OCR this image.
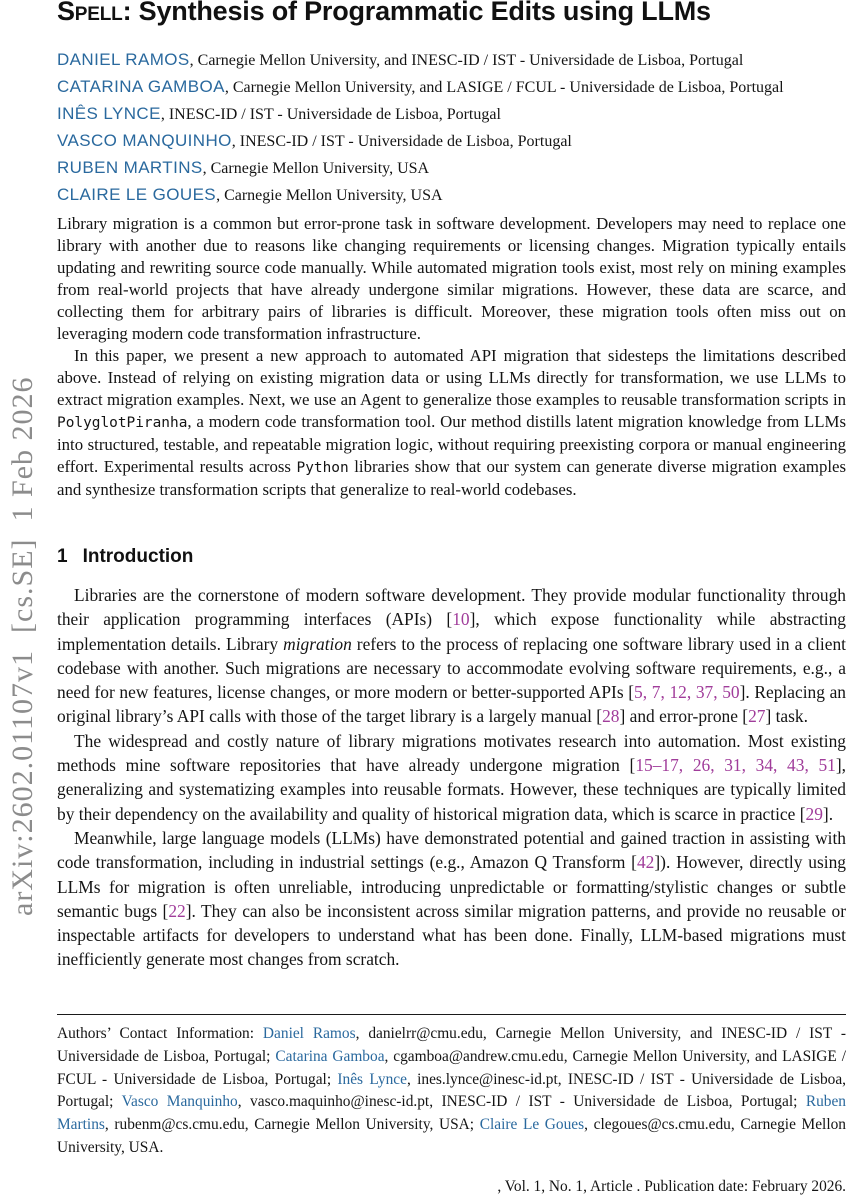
arXiv:2602.01107v1  [cs.SE]  1 Feb 2026
Spell: Synthesis of Programmatic Edits using LLMs
DANIEL RAMOS, Carnegie Mellon University, and INESC-ID / IST - Universidade de Lisboa, Portugal
CATARINA GAMBOA, Carnegie Mellon University, and LASIGE / FCUL - Universidade de Lisboa, Portugal
INÊS LYNCE, INESC-ID / IST - Universidade de Lisboa, Portugal
VASCO MANQUINHO, INESC-ID / IST - Universidade de Lisboa, Portugal
RUBEN MARTINS, Carnegie Mellon University, USA
CLAIRE LE GOUES, Carnegie Mellon University, USA

Library migration is a common but error-prone task in software development. Developers may need to replace one library with another due to reasons like changing requirements or licensing changes. Migration typically entails updating and rewriting source code manually. While automated migration tools exist, most rely on mining examples from real-world projects that have already undergone similar migrations. However, these data are scarce, and collecting them for arbitrary pairs of libraries is difficult. Moreover, these migration tools often miss out on leveraging modern code transformation infrastructure.

In this paper, we present a new approach to automated API migration that sidesteps the limitations described above. Instead of relying on existing migration data or using LLMs directly for transformation, we use LLMs to extract migration examples. Next, we use an Agent to generalize those examples to reusable transformation scripts in PolyglotPiranha, a modern code transformation tool. Our method distills latent migration knowledge from LLMs into structured, testable, and repeatable migration logic, without requiring preexisting corpora or manual engineering effort. Experimental results across Python libraries show that our system can generate diverse migration examples and synthesize transformation scripts that generalize to real-world codebases.

1 Introduction

Libraries are the cornerstone of modern software development. They provide modular functionality through their application programming interfaces (APIs) [10], which expose functionality while abstracting implementation details. Library migration refers to the process of replacing one software library used in a client codebase with another. Such migrations are necessary to accommodate evolving software requirements, e.g., a need for new features, license changes, or more modern or better-supported APIs [5, 7, 12, 37, 50]. Replacing an original library’s API calls with those of the target library is a largely manual [28] and error-prone [27] task.

The widespread and costly nature of library migrations motivates research into automation. Most existing methods mine software repositories that have already undergone migration [15–17, 26, 31, 34, 43, 51], generalizing and systematizing examples into reusable formats. However, these techniques are typically limited by their dependency on the availability and quality of historical migration data, which is scarce in practice [29].

Meanwhile, large language models (LLMs) have demonstrated potential and gained traction in assisting with code transformation, including in industrial settings (e.g., Amazon Q Transform [42]). However, directly using LLMs for migration is often unreliable, introducing unpredictable or formatting/stylistic changes or subtle semantic bugs [22]. They can also be inconsistent across similar migration patterns, and provide no reusable or inspectable artifacts for developers to understand what has been done. Finally, LLM-based migrations must inefficiently generate most changes from scratch.

Authors’ Contact Information: Daniel Ramos, danielrr@cmu.edu, Carnegie Mellon University, and INESC-ID / IST - Universidade de Lisboa, Portugal; Catarina Gamboa, cgamboa@andrew.cmu.edu, Carnegie Mellon University, and LASIGE / FCUL - Universidade de Lisboa, Portugal; Inês Lynce, ines.lynce@inesc-id.pt, INESC-ID / IST - Universidade de Lisboa, Portugal; Vasco Manquinho, vasco.maquinho@inesc-id.pt, INESC-ID / IST - Universidade de Lisboa, Portugal; Ruben Martins, rubenm@cs.cmu.edu, Carnegie Mellon University, USA; Claire Le Goues, clegoues@cs.cmu.edu, Carnegie Mellon University, USA.

, Vol. 1, No. 1, Article . Publication date: February 2026.
